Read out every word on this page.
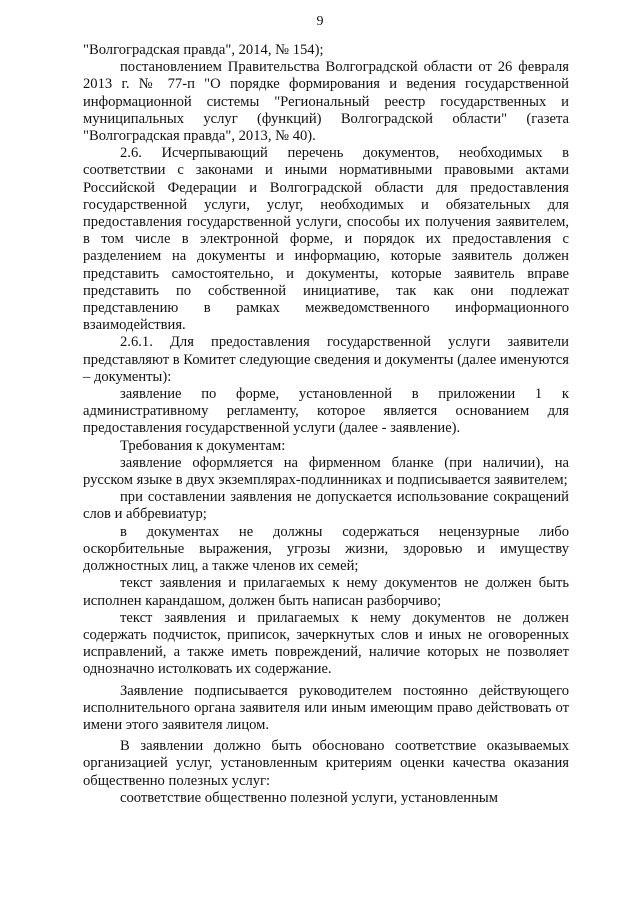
9

"Волгоградская правда", 2014, № 154);

постановлением Правительства Волгоградской области от 26 февраля 2013 г. № 77-п "О порядке формирования и ведения государственной информационной системы "Региональный реестр государственных и муниципальных услуг (функций) Волгоградской области" (газета "Волгоградская правда", 2013, № 40).

2.6. Исчерпывающий перечень документов, необходимых в соответствии с законами и иными нормативными правовыми актами Российской Федерации и Волгоградской области для предоставления государственной услуги, услуг, необходимых и обязательных для предоставления государственной услуги, способы их получения заявителем, в том числе в электронной форме, и порядок их предоставления с разделением на документы и информацию, которые заявитель должен представить самостоятельно, и документы, которые заявитель вправе представить по собственной инициативе, так как они подлежат представлению в рамках межведомственного информационного взаимодействия.

2.6.1. Для предоставления государственной услуги заявители представляют в Комитет следующие сведения и документы (далее именуются – документы):

заявление по форме, установленной в приложении 1 к административному регламенту, которое является основанием для предоставления государственной услуги (далее - заявление).

Требования к документам:

заявление оформляется на фирменном бланке (при наличии), на русском языке в двух экземплярах-подлинниках и подписывается заявителем;

при составлении заявления не допускается использование сокращений слов и аббревиатур;

в документах не должны содержаться нецензурные либо оскорбительные выражения, угрозы жизни, здоровью и имуществу должностных лиц, а также членов их семей;

текст заявления и прилагаемых к нему документов не должен быть исполнен карандашом, должен быть написан разборчиво;

текст заявления и прилагаемых к нему документов не должен содержать подчисток, приписок, зачеркнутых слов и иных не оговоренных исправлений, а также иметь повреждений, наличие которых не позволяет однозначно истолковать их содержание.

Заявление подписывается руководителем постоянно действующего исполнительного органа заявителя или иным имеющим право действовать от имени этого заявителя лицом.

В заявлении должно быть обосновано соответствие оказываемых организацией услуг, установленным критериям оценки качества оказания общественно полезных услуг:

соответствие общественно полезной услуги, установленным
